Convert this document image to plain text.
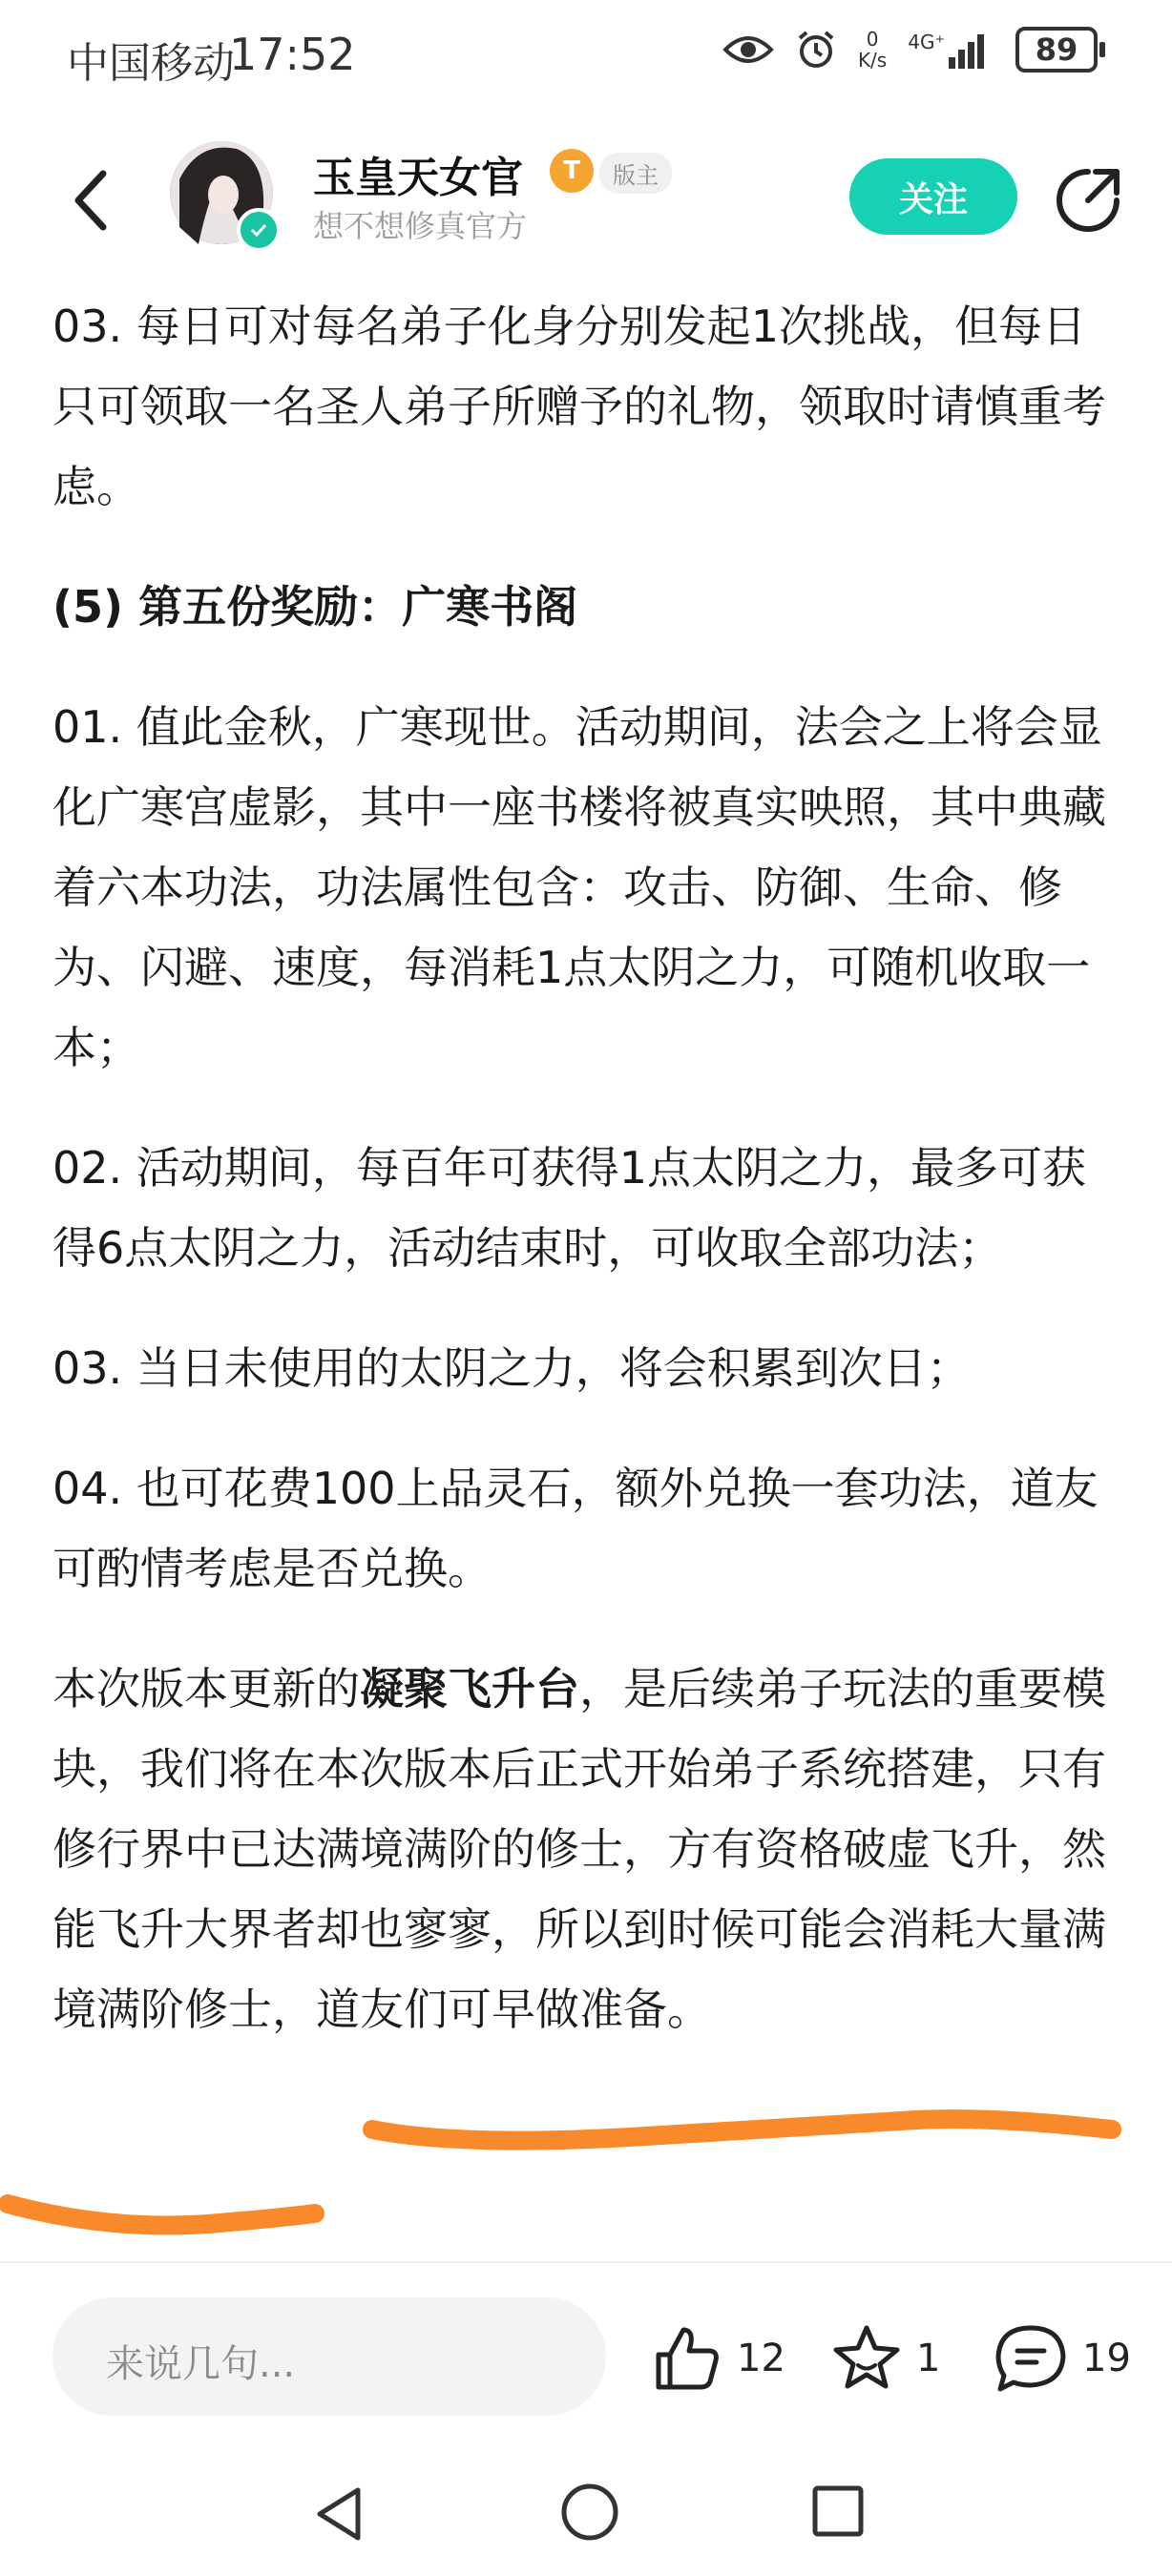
中国移动
17:52	0
K/s
4G⁺	89
玉皇天女官	T	版主
想不想修真官方
关注

03. 每日可对每名弟子化身分别发起1次挑战，但每日只可领取一名圣人弟子所赠予的礼物，领取时请慎重考虑。

(5) 第五份奖励：广寒书阁

01. 值此金秋，广寒现世。活动期间，法会之上将会显化广寒宫虚影，其中一座书楼将被真实映照，其中典藏着六本功法，功法属性包含：攻击、防御、生命、修为、闪避、速度，每消耗1点太阴之力，可随机收取一本；

02. 活动期间，每百年可获得1点太阴之力，最多可获得6点太阴之力，活动结束时，可收取全部功法；

03. 当日未使用的太阴之力，将会积累到次日；

04. 也可花费100上品灵石，额外兑换一套功法，道友可酌情考虑是否兑换。

本次版本更新的凝聚飞升台，是后续弟子玩法的重要模块，我们将在本次版本后正式开始弟子系统搭建，只有修行界中已达满境满阶的修士，方有资格破虚飞升，然能飞升大界者却也寥寥，所以到时候可能会消耗大量满境满阶修士，道友们可早做准备。

来说几句...	12	1	19
